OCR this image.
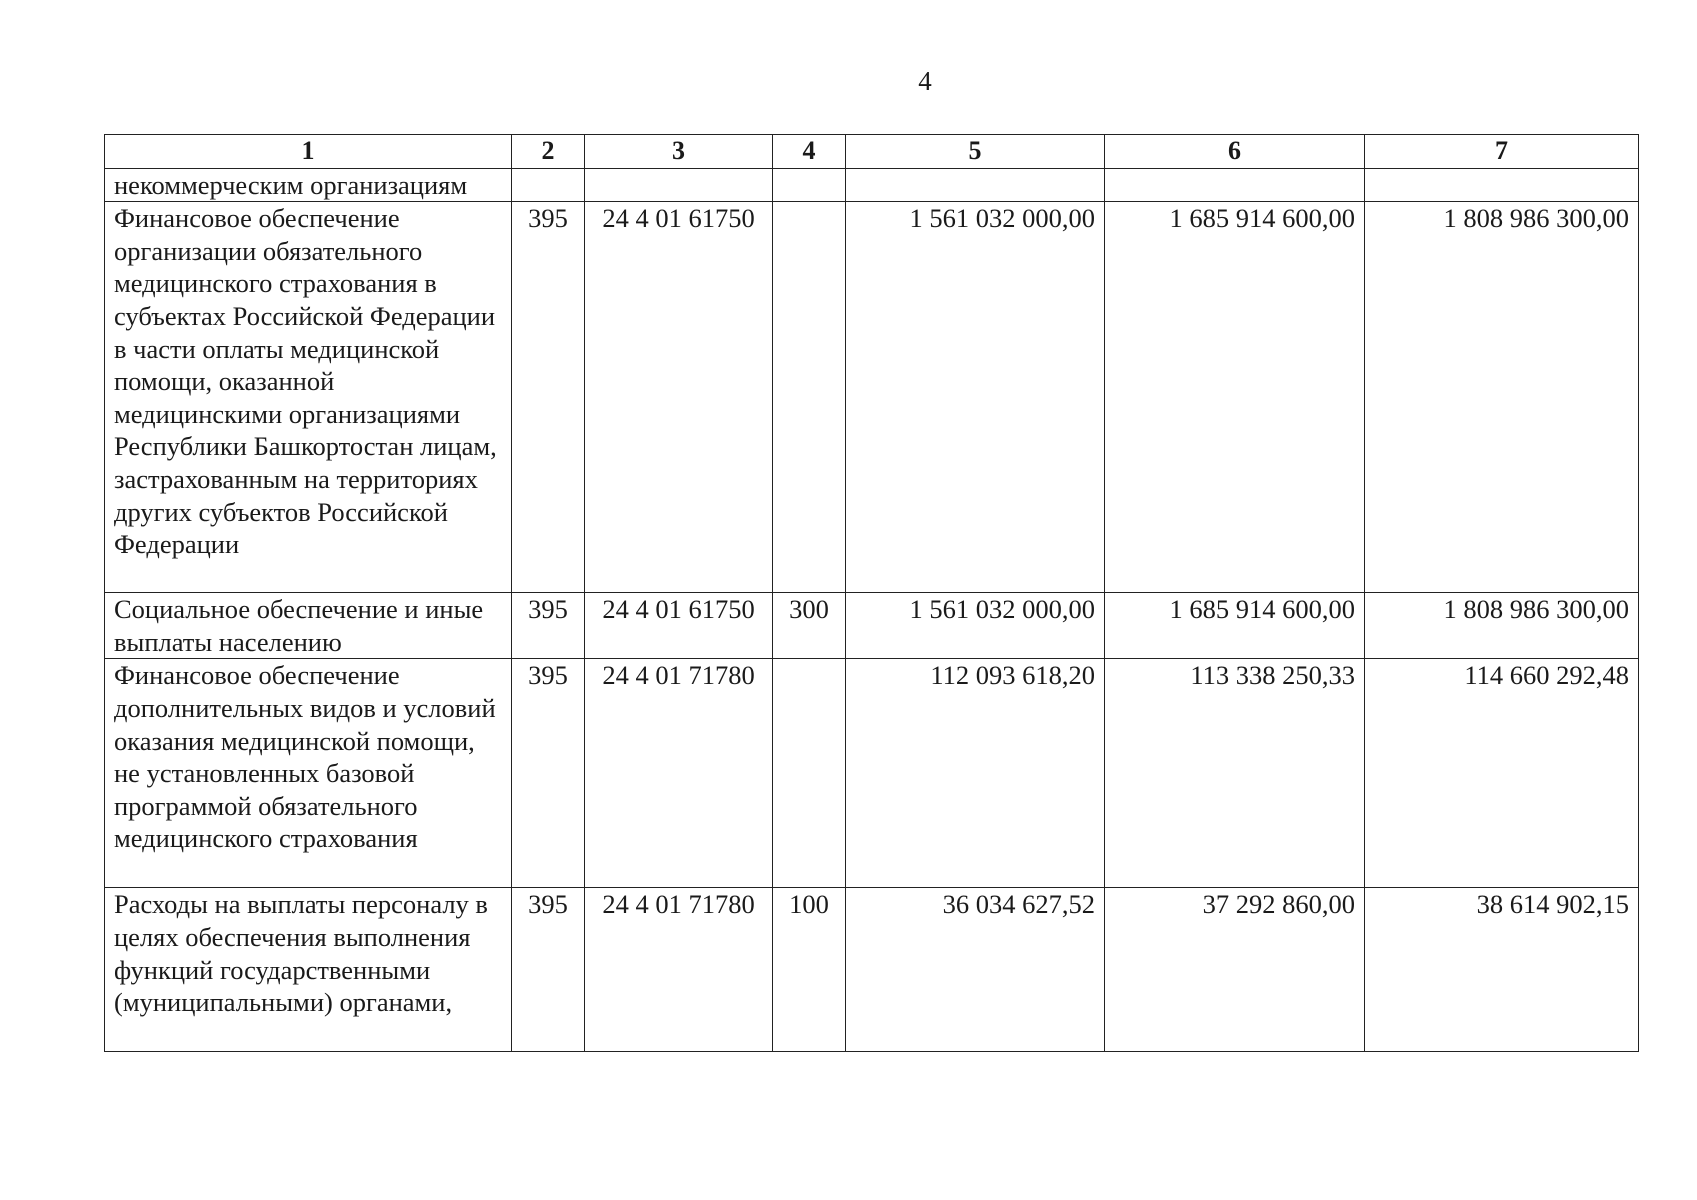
4
1	2	3	4	5	6	7
некоммерческим организациям						
Финансовое обеспечение организации обязательного медицинского страхования в субъектах Российской Федерации в части оплаты медицинской помощи, оказанной медицинскими организациями Республики Башкортостан лицам, застрахованным на территориях других субъектов Российской Федерации	395	24 4 01 61750		1 561 032 000,00	1 685 914 600,00	1 808 986 300,00
Социальное обеспечение и иные выплаты населению	395	24 4 01 61750	300	1 561 032 000,00	1 685 914 600,00	1 808 986 300,00
Финансовое обеспечение дополнительных видов и условий оказания медицинской помощи, не установленных базовой программой обязательного медицинского страхования	395	24 4 01 71780		112 093 618,20	113 338 250,33	114 660 292,48
Расходы на выплаты персоналу в целях обеспечения выполнения функций государственными (муниципальными) органами,	395	24 4 01 71780	100	36 034 627,52	37 292 860,00	38 614 902,15
